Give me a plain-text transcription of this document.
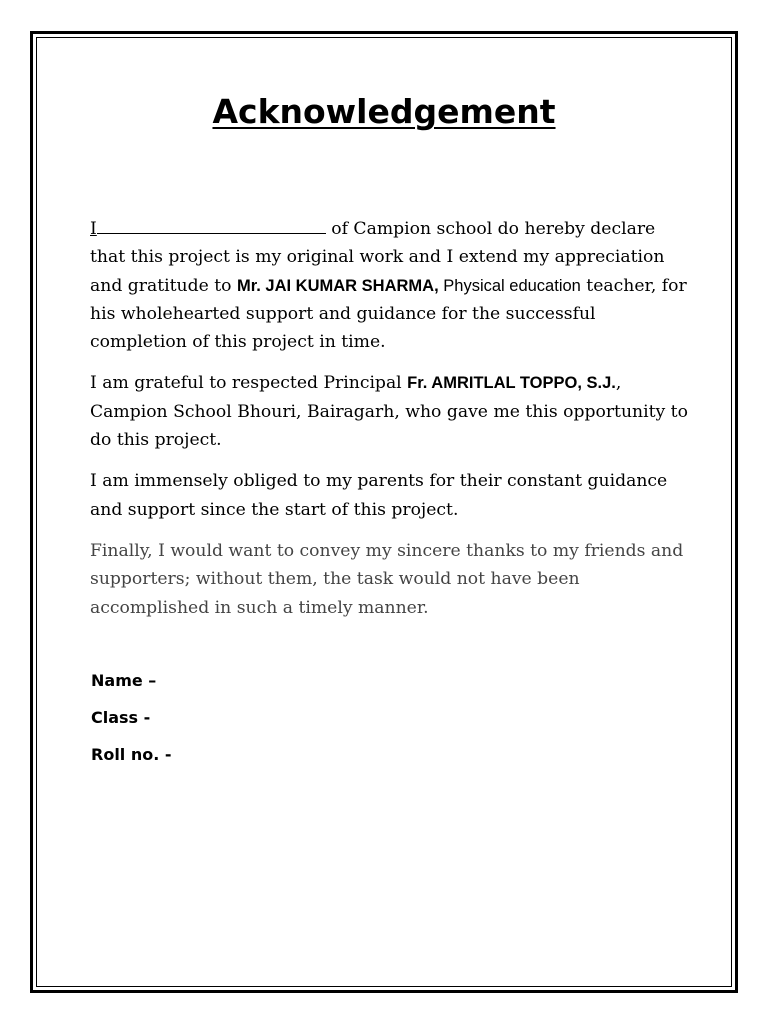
Acknowledgement

I	of Campion school do hereby declare that this project is my original work and I extend my appreciation and gratitude to Mr. JAI KUMAR SHARMA, Physical education teacher, for his wholehearted support and guidance for the successful completion of this project in time.

I am grateful to respected Principal Fr. AMRITLAL TOPPO, S.J., Campion School Bhouri, Bairagarh, who gave me this opportunity to do this project.

I am immensely obliged to my parents for their constant guidance and support since the start of this project.

Finally, I would want to convey my sincere thanks to my friends and supporters; without them, the task would not have been accomplished in such a timely manner.

Name –

Class -

Roll no. -
